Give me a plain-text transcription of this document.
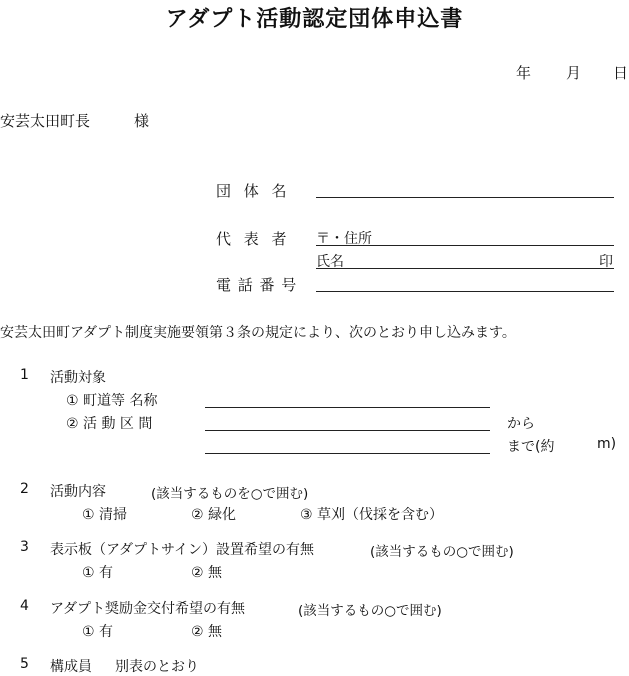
アダプト活動認定団体申込書
年 月 日
安芸太田町長	様
団 体 名
代 表 者 〒・住所
氏名	印
電 話 番 号
安芸太田町アダプト制度実施要領第３条の規定により、次のとおり申し込みます。
1 活動対象
① 町道等 名称
② 活 動 区 間	から
まで(約	m)
2 活動内容	(該当するものを○で囲む)
① 清掃	② 緑化	③ 草刈（伐採を含む）
3 表示板（アダプトサイン）設置希望の有無	(該当するもの○で囲む)
① 有	② 無
4 アダプト奨励金交付希望の有無	(該当するもの○で囲む)
① 有	② 無
5 構成員 別表のとおり
